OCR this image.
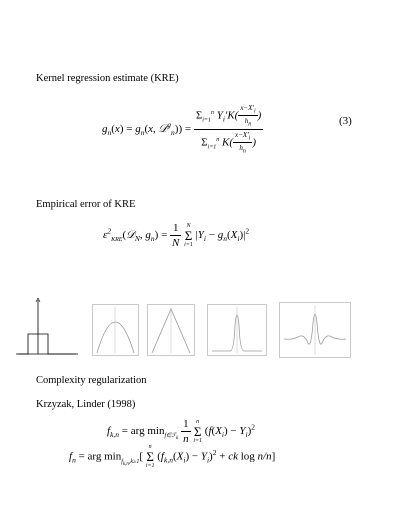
Kernel regression estimate (KRE)
$g_n(x) = g_n(x$, 𝒟$^g_n$)) = $\frac{\Sigma_{i=1}^n Y_i'K( \frac{x-X'_i}{h_n} )}{\Sigma_{i=1}^n K( \frac{x-X'_i}{h_n} )}$	(3)
Empirical error of KRE
$\varepsilon^2_{KRE}(𝒟_N$, $g_n) = \frac{1}{N}$
N
Σ
i=1
$|Y_i - g_n(X_i)|^2$
Complexity regularization
Krzyzak, Linder (1998)
$f_{k,n}$ = arg $\min_{f\in ℱ_k} \frac{1}{n}$
n
Σ
i=1
$(f(X_i) - Y_i)^2$
$f_n$ = arg $\min_{f_{k,n},k\ge 1}$[
n
Σ
i=1
$(f_{k,n}(X_i) - Y_i)^2$ + ck log n/n]
